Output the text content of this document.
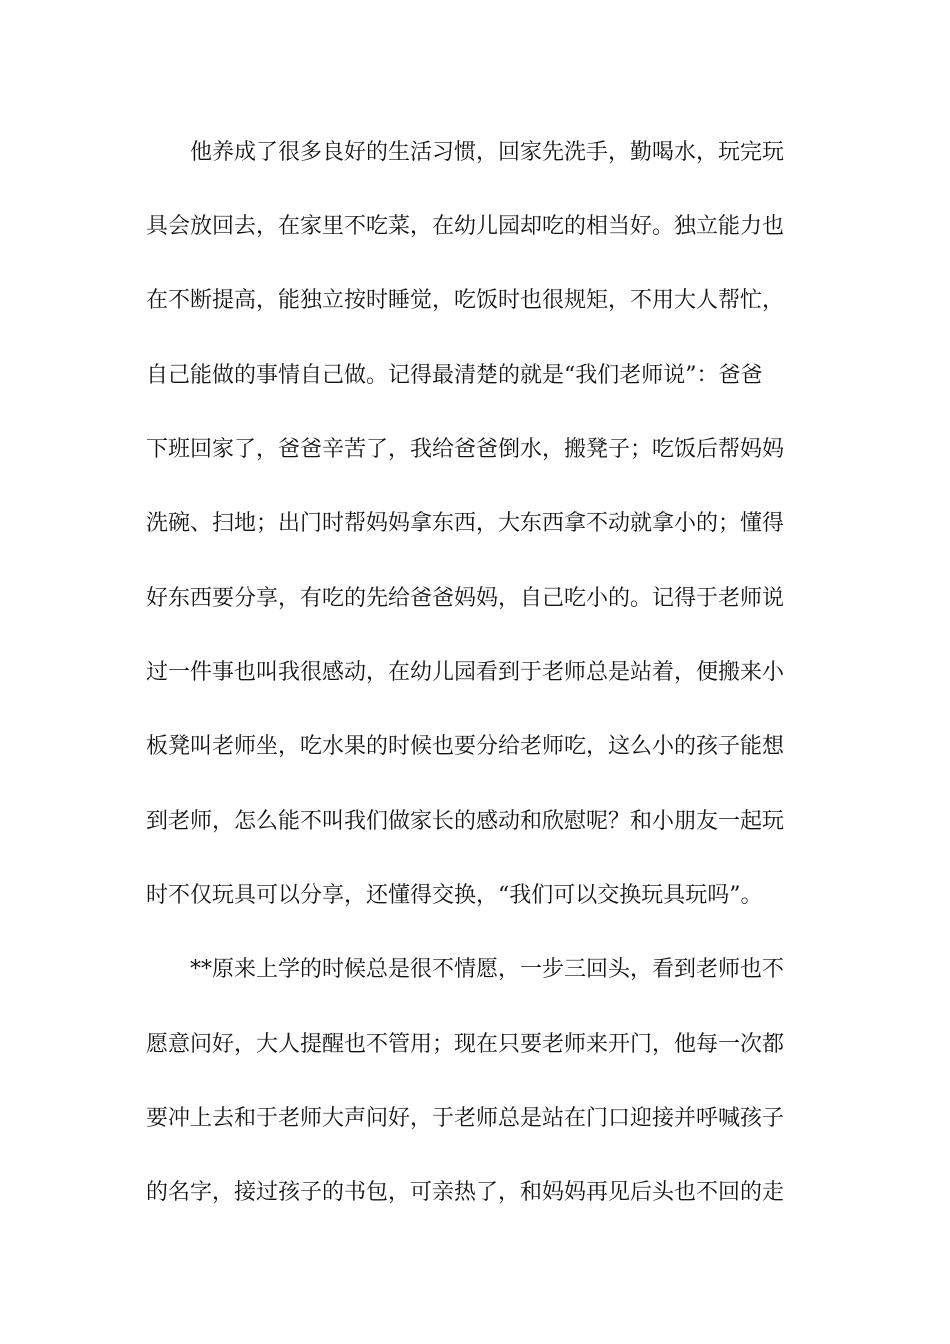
他养成了很多良好的生活习惯，回家先洗手，勤喝水，玩完玩
具会放回去，在家里不吃菜，在幼儿园却吃的相当好。独立能力也
在不断提高，能独立按时睡觉，吃饭时也很规矩，不用大人帮忙，
自己能做的事情自己做。记得最清楚的就是“我们老师说”：爸爸
下班回家了，爸爸辛苦了，我给爸爸倒水，搬凳子；吃饭后帮妈妈
洗碗、扫地；出门时帮妈妈拿东西，大东西拿不动就拿小的；懂得
好东西要分享，有吃的先给爸爸妈妈，自己吃小的。记得于老师说
过一件事也叫我很感动，在幼儿园看到于老师总是站着，便搬来小
板凳叫老师坐，吃水果的时候也要分给老师吃，这么小的孩子能想
到老师，怎么能不叫我们做家长的感动和欣慰呢？和小朋友一起玩
时不仅玩具可以分享，还懂得交换，“我们可以交换玩具玩吗”。
**原来上学的时候总是很不情愿，一步三回头，看到老师也不
愿意问好，大人提醒也不管用；现在只要老师来开门，他每一次都
要冲上去和于老师大声问好，于老师总是站在门口迎接并呼喊孩子
的名字，接过孩子的书包，可亲热了，和妈妈再见后头也不回的走
